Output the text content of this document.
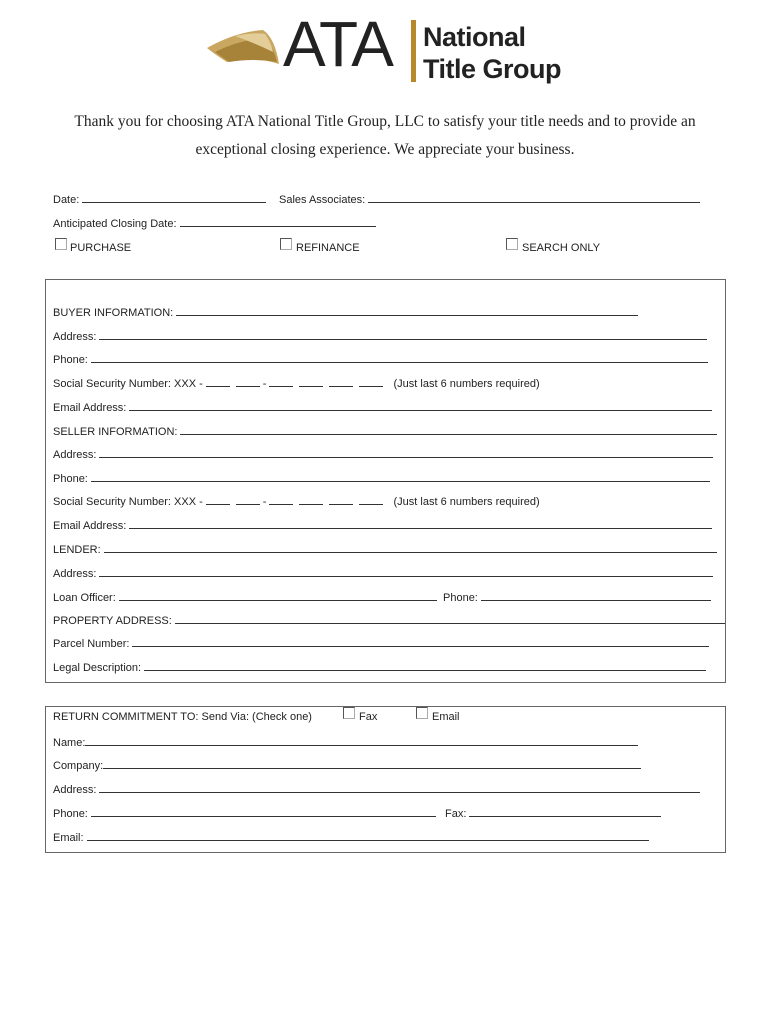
ATA National
Title Group
Thank you for choosing ATA National Title Group, LLC to satisfy your title needs and to provide an
exceptional closing experience. We appreciate your business.
Date:	Sales Associates:
Anticipated Closing Date:
PURCHASE	REFINANCE	SEARCH ONLY
BUYER INFORMATION:
Address:
Phone:
Social Security Number: XXX -	-	(Just last 6 numbers required)
Email Address:
SELLER INFORMATION:
Address:
Phone:
Social Security Number: XXX -	-	(Just last 6 numbers required)
Email Address:
LENDER:
Address:
Loan Officer:	Phone:
PROPERTY ADDRESS:
Parcel Number:
Legal Description:
RETURN COMMITMENT TO: Send Via: (Check one)	Fax	Email
Name:
Company:
Address:
Phone:	Fax:
Email:
